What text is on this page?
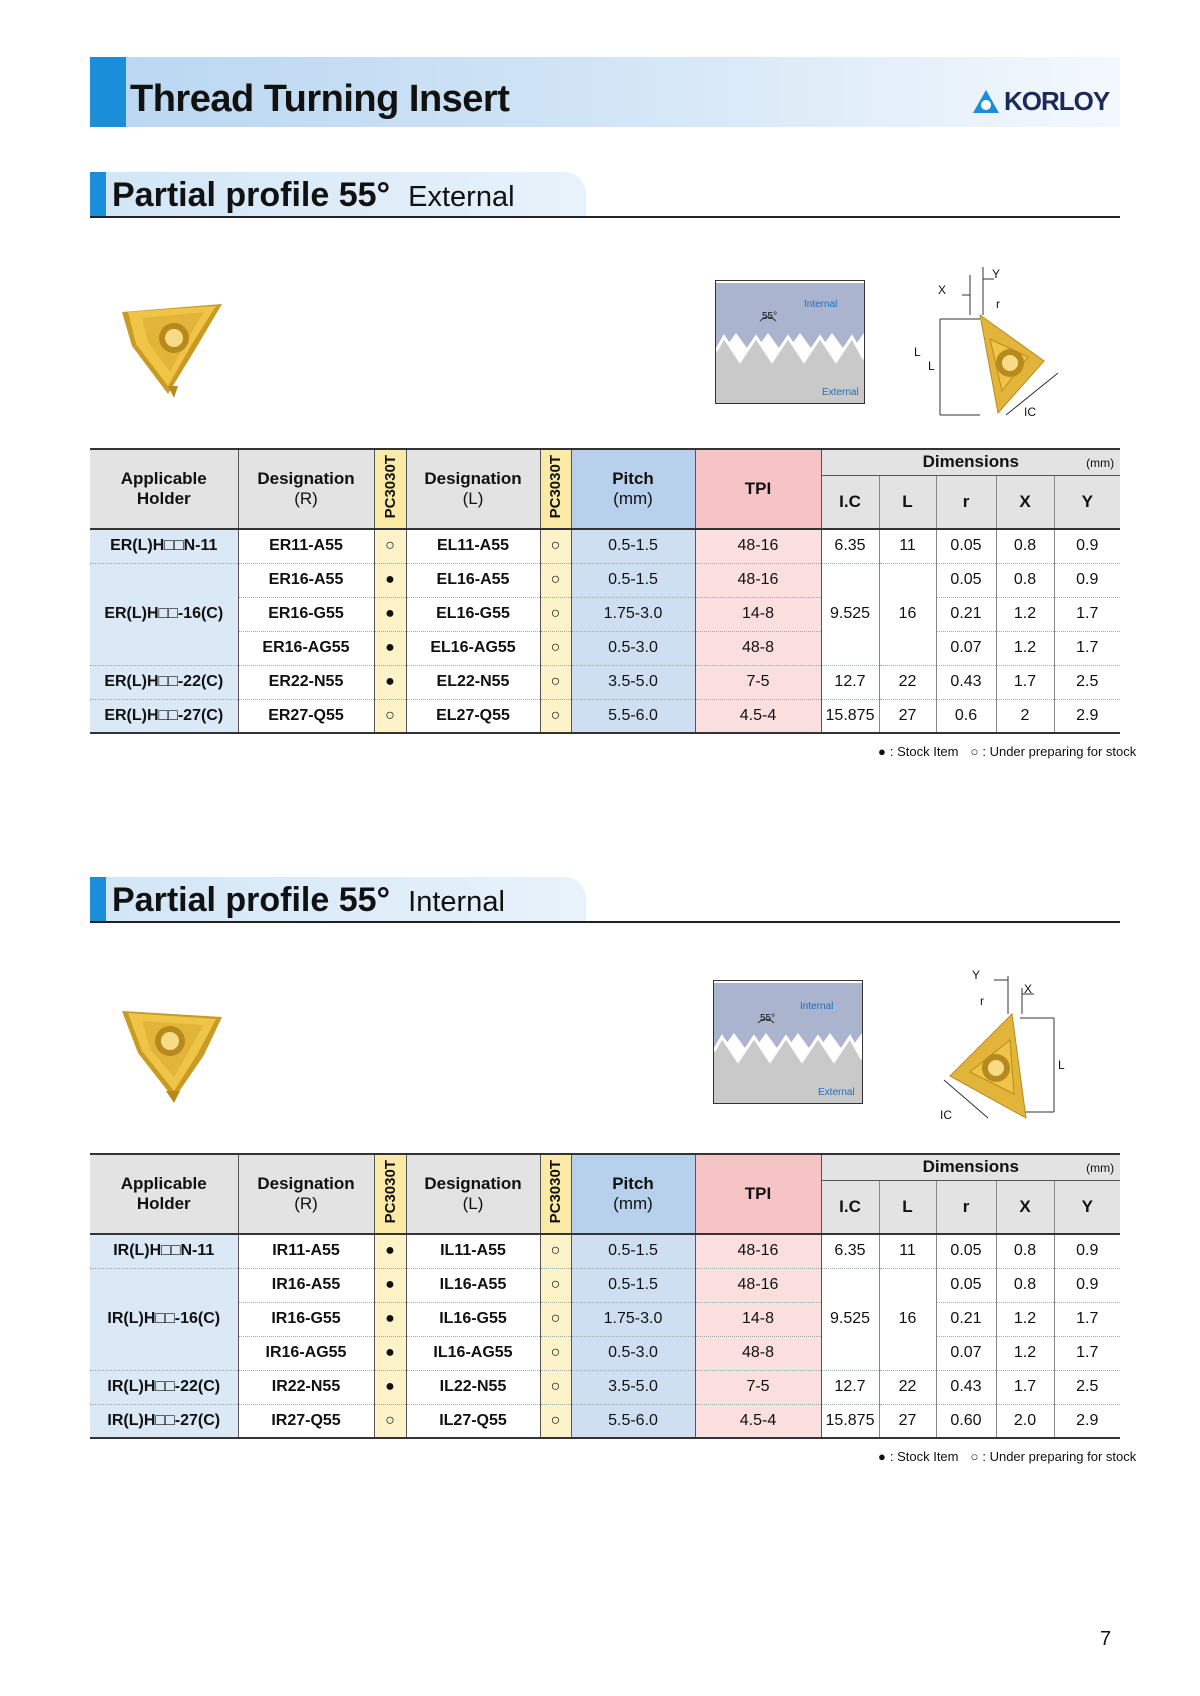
Thread Turning Insert	KORLOY
Partial profile 55° External
55°
Internal
External
X
Y
r
L
L
IC
Applicable
Holder	Designation
(R)	PC3030T	Designation
(L)	PC3030T	Pitch
(mm)	TPI	Dimensions (mm)				

							I.C	L	r	X	Y
ER(L)H□□N-11	ER11-A55	○	EL11-A55	○	0.5-1.5	48-16	6.35	11	0.05	0.8	0.9
ER(L)H□□-16(C)	ER16-A55	●	EL16-A55	○	0.5-1.5	48-16	9.525	16	0.05	0.8	0.9
	ER16-G55	●	EL16-G55	○	1.75-3.0	14-8			0.21	1.2	1.7
	ER16-AG55	●	EL16-AG55	○	0.5-3.0	48-8			0.07	1.2	1.7
ER(L)H□□-22(C)	ER22-N55	●	EL22-N55	○	3.5-5.0	7-5	12.7	22	0.43	1.7	2.5
ER(L)H□□-27(C)	ER27-Q55	○	EL27-Q55	○	5.5-6.0	4.5-4	15.875	27	0.6	2	2.9
● : Stock Item ○ : Under preparing for stock
Partial profile 55° Internal
55°
Internal
External
Y
r
X
L
IC
Applicable
Holder	Designation
(R)	PC3030T	Designation
(L)	PC3030T	Pitch
(mm)	TPI	Dimensions (mm)				

							I.C	L	r	X	Y
IR(L)H□□N-11	IR11-A55	●	IL11-A55	○	0.5-1.5	48-16	6.35	11	0.05	0.8	0.9
IR(L)H□□-16(C)	IR16-A55	●	IL16-A55	○	0.5-1.5	48-16	9.525	16	0.05	0.8	0.9
	IR16-G55	●	IL16-G55	○	1.75-3.0	14-8			0.21	1.2	1.7
	IR16-AG55	●	IL16-AG55	○	0.5-3.0	48-8			0.07	1.2	1.7
IR(L)H□□-22(C)	IR22-N55	●	IL22-N55	○	3.5-5.0	7-5	12.7	22	0.43	1.7	2.5
IR(L)H□□-27(C)	IR27-Q55	○	IL27-Q55	○	5.5-6.0	4.5-4	15.875	27	0.60	2.0	2.9
● : Stock Item ○ : Under preparing for stock
7
